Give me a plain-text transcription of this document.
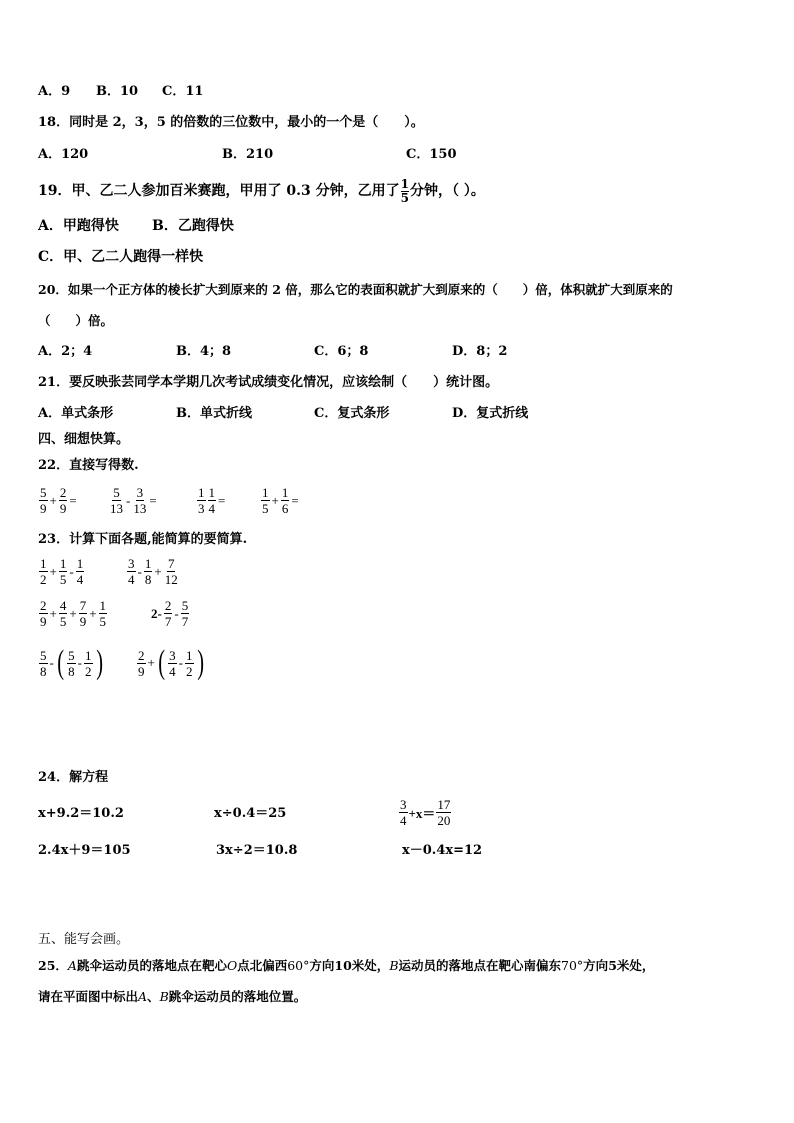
A．9 B．10 C．11
18．同时是 2，3，5 的倍数的三位数中，最小的一个是（　　）。
A．120	B．210	C．150
19．甲、乙二人参加百米赛跑，甲用了 0.3 分钟，乙用了 $\frac{1}{5}$ 分钟，（ ）。
A．甲跑得快 B．乙跑得快
C．甲、乙二人跑得一样快
20．如果一个正方体的棱长扩大到原来的 2 倍，那么它的表面积就扩大到原来的（　　）倍，体积就扩大到原来的
（　　）倍。
A．2；4	B．4；8	C．6；8	D．8；2
21．要反映张芸同学本学期几次考试成绩变化情况，应该绘制（　　）统计图。
A．单式条形	B．单式折线	C．复式条形	D．复式折线
四、细想快算。
22．直接写得数.
$\frac{5}{9} + \frac{2}{9} = \frac{5}{13} - \frac{3}{13}$ =	$\frac{1}{3} \frac{1}{4}$ =	$\frac{1}{5} + \frac{1}{6}$ =
23．计算下面各题,能简算的要简算.
$\frac{1}{2} + \frac{1}{5} - \frac{1}{4}$	$\frac{3}{4} - \frac{1}{8} + \frac{7}{12}$
$\frac{2}{9} + \frac{4}{5} + \frac{7}{9} + \frac{1}{5}$	$2- \frac{2}{7} - \frac{5}{7}$
$\frac{5}{8}$ - ( $\frac{5}{8} - \frac{1}{2}$ )	$\frac{2}{9}$ + ( $\frac{3}{4} - \frac{1}{2}$ )
24．解方程
x+9.2＝10.2	x÷0.4＝25	$\frac{3}{4} +x= \frac{17}{20}$
2.4x＋9＝105	3x÷2＝10.8	x－0.4x=12
五、能写会画。
25．A跳伞运动员的落地点在靶心O点北偏西60°方向10米处，B运动员的落地点在靶心南偏东70°方向5米处，
请在平面图中标出A、B跳伞运动员的落地位置。
